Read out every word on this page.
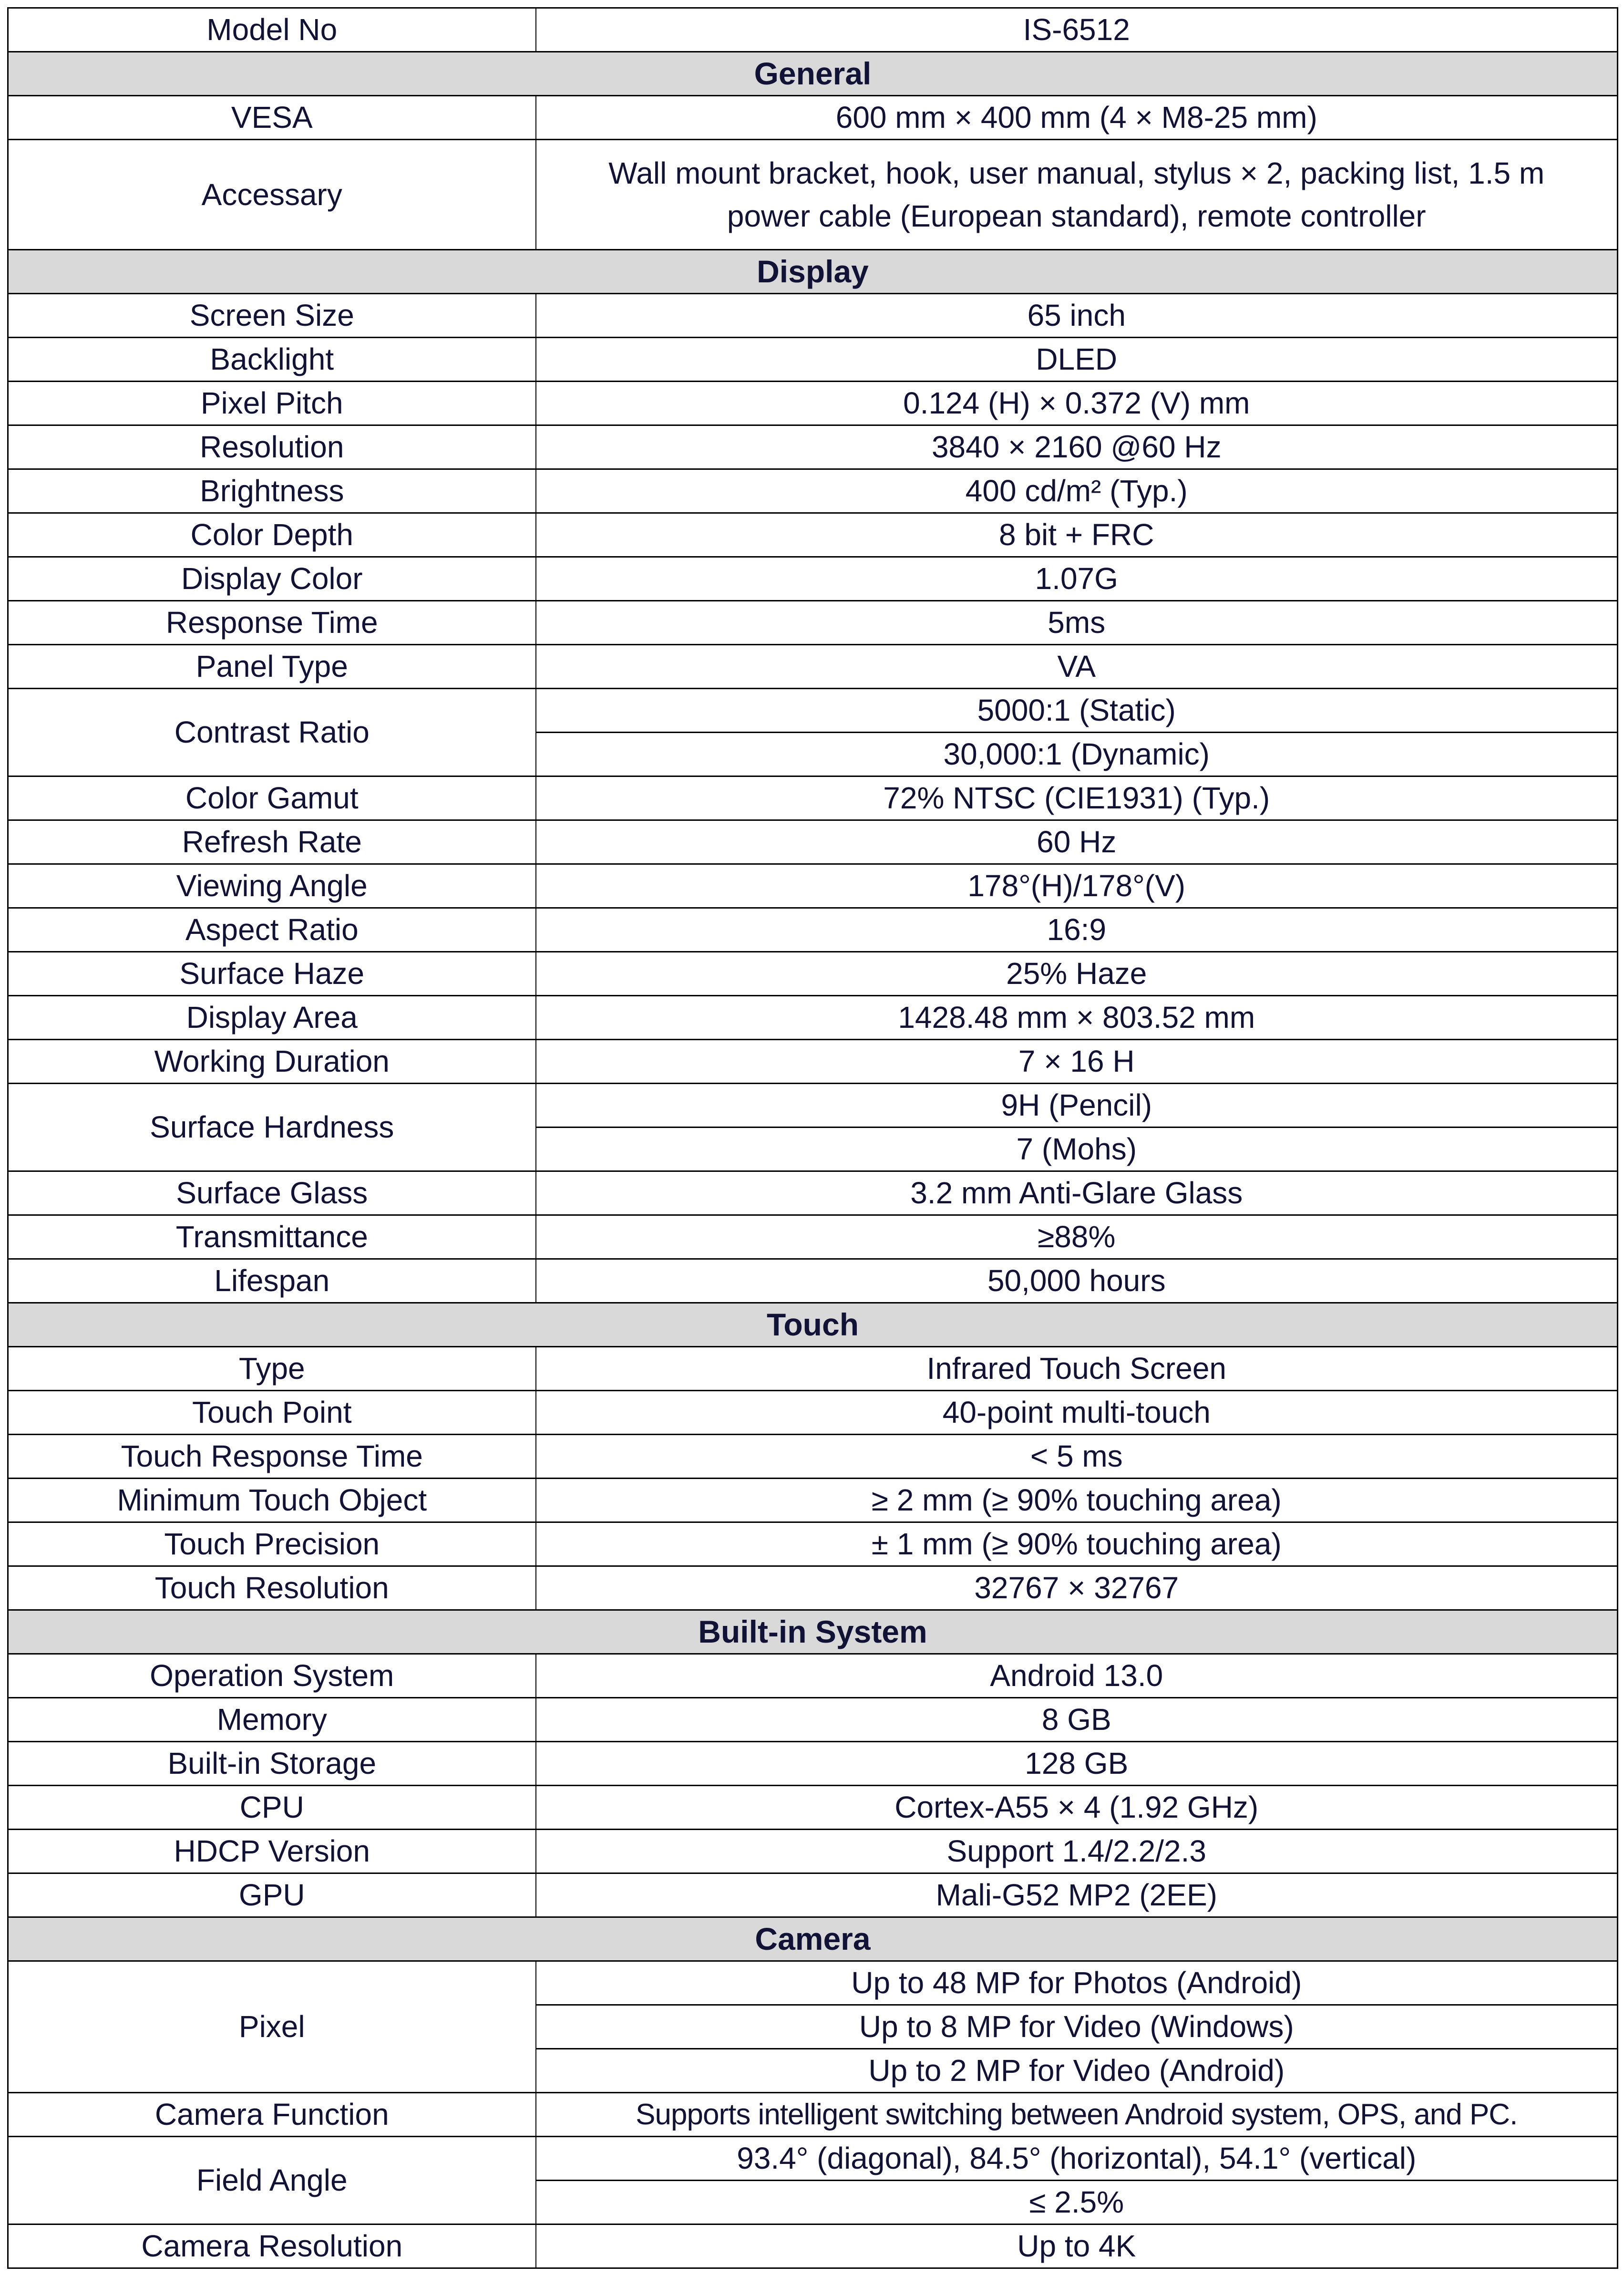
Model No	IS-6512
General	
VESA	600 mm × 400 mm (4 × M8-25 mm)
Accessary	Wall mount bracket, hook, user manual, stylus × 2, packing list, 1.5 m
power cable (European standard), remote controller

Display	
Screen Size	65 inch
Backlight	DLED
Pixel Pitch	0.124 (H) × 0.372 (V) mm
Resolution	3840 × 2160 @60 Hz
Brightness	400 cd/m² (Typ.)
Color Depth	8 bit + FRC
Display Color	1.07G
Response Time	5ms
Panel Type	VA
Contrast Ratio	5000:1 (Static)
	30,000:1 (Dynamic)
Color Gamut	72% NTSC (CIE1931) (Typ.)
Refresh Rate	60 Hz
Viewing Angle	178°(H)/178°(V)
Aspect Ratio	16:9
Surface Haze	25% Haze
Display Area	1428.48 mm × 803.52 mm
Working Duration	7 × 16 H
Surface Hardness	9H (Pencil)
	7 (Mohs)
Surface Glass	3.2 mm Anti-Glare Glass
Transmittance	≥88%
Lifespan	50,000 hours
Touch	
Type	Infrared Touch Screen
Touch Point	40-point multi-touch
Touch Response Time	< 5 ms
Minimum Touch Object	≥ 2 mm (≥ 90% touching area)
Touch Precision	± 1 mm (≥ 90% touching area)
Touch Resolution	32767 × 32767
Built-in System	
Operation System	Android 13.0
Memory	8 GB
Built-in Storage	128 GB
CPU	Cortex-A55 × 4 (1.92 GHz)
HDCP Version	Support 1.4/2.2/2.3
GPU	Mali-G52 MP2 (2EE)
Camera	
Pixel	Up to 48 MP for Photos (Android)
	Up to 8 MP for Video (Windows)
	Up to 2 MP for Video (Android)
Camera Function	Supports intelligent switching between Android system, OPS, and PC.
Field Angle	93.4° (diagonal), 84.5° (horizontal), 54.1° (vertical)
	≤ 2.5%
Camera Resolution	Up to 4K
